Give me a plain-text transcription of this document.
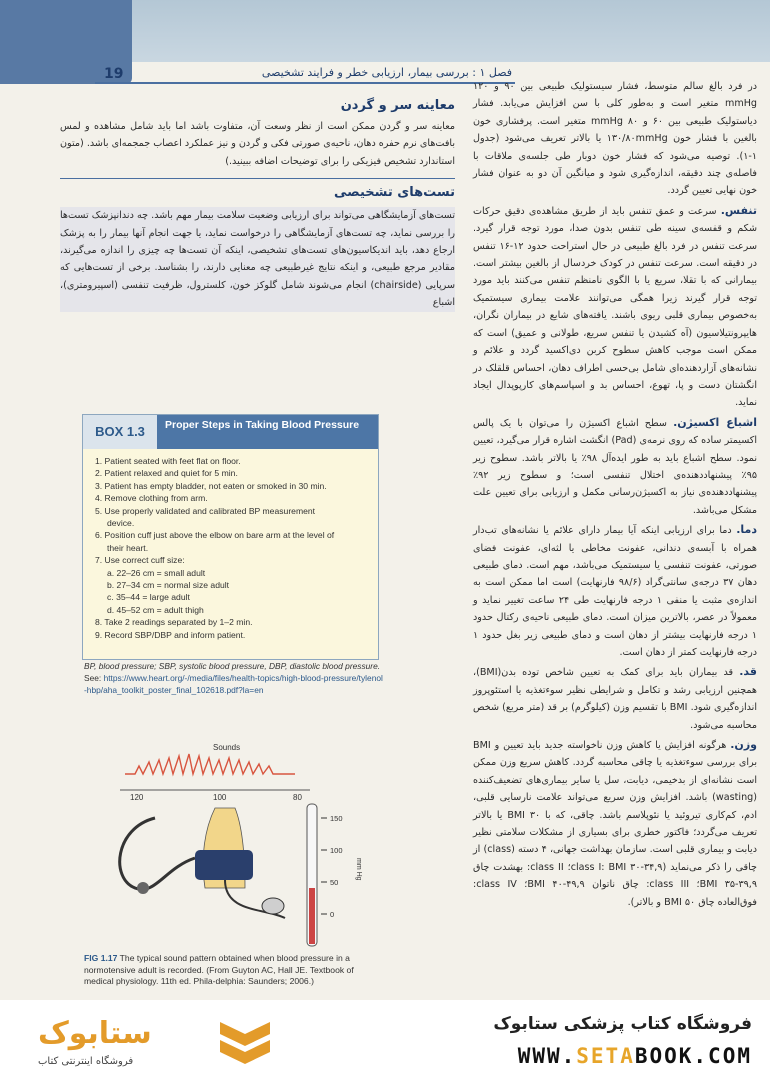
19	فصل ۱ : بررسی بیمار، ارزیابی خطر و فرایند تشخیصی
معاینه سر و گردن

معاینه سر و گردن ممکن است از نظر وسعت آن، متفاوت باشد اما باید شامل مشاهده و لمس بافت‌های نرم حفره دهان، ناحیه‌ی صورتی فکی و گردن و نیز عملکرد اعصاب جمجمه‌ای باشد. (متون استاندارد تشخیص فیزیکی را برای توضیحات اضافه ببینید.)

تست‌های تشخیصی

تست‌های آزمایشگاهی می‌تواند برای ارزیابی وضعیت سلامت بیمار مهم باشد. چه دندانپزشک تست‌ها را بررسی نماید، چه تست‌های آزمایشگاهی را درخواست نماید، یا جهت انجام آنها بیمار را به پزشک ارجاع دهد، باید اندیکاسیون‌های تست‌های تشخیصی، اینکه آن تست‌ها چه چیزی را اندازه می‌گیرند، مقادیر مرجع طبیعی، و اینکه نتایج غیرطبیعی چه معنایی دارند، را بشناسد. برخی از تست‌هایی که سرپایی (chairside) انجام می‌شوند شامل گلوکز خون، کلسترول، ظرفیت تنفسی (اسپیرومتری)، اشباع

BOX 1.3	Proper Steps in Taking Blood Pressure
1. Patient seated with feet flat on floor.
2. Patient relaxed and quiet for 5 min.
3. Patient has empty bladder, not eaten or smoked in 30 min.
4. Remove clothing from arm.
5. Use properly validated and calibrated BP measurement
device.
6. Position cuff just above the elbow on bare arm at the level of
their heart.
7. Use correct cuff size:
a. 22–26 cm = small adult
b. 27–34 cm = normal size adult
c. 35–44 = large adult
d. 45–52 cm = adult thigh
8. Take 2 readings separated by 1–2 min.
9. Record SBP/DBP and inform patient.
BP, blood pressure; SBP, systolic blood pressure, DBP, diastolic blood pressure.
See: https://www.heart.org/-/media/files/health-topics/high-blood-pressure/tylenol-hbp/aha_toolkit_poster_final_102618.pdf?la=en
Sounds
120	100	80
150
100
50
0
mm Hg
FIG 1.17 The typical sound pattern obtained when blood pressure in a normotensive adult is recorded. (From Guyton AC, Hall JE. Textbook of medical physiology. 11th ed. Phila-delphia: Saunders; 2006.)

در فرد بالغ سالم متوسط، فشار سیستولیک طبیعی بین ۹۰ و ۱۲۰ mmHg متغیر است و به‌طور کلی با سن افزایش می‌یابد. فشار دیاستولیک طبیعی بین ۶۰ و ۸۰ mmHg متغیر است. پرفشاری خون بالغین با فشار خون ۱۳۰/۸۰mmHg یا بالاتر تعریف می‌شود (جدول ۱-۱). توصیه می‌شود که فشار خون دوبار طی جلسه‌ی ملاقات با فاصله‌ی چند دقیقه، اندازه‌گیری شود و میانگین آن دو به عنوان فشار خون نهایی تعیین گردد.

تنفس. سرعت و عمق تنفس باید از طریق مشاهده‌ی دقیق حرکات شکم و قفسه‌ی سینه طی تنفس بدون صدا، مورد توجه قرار گیرد. سرعت تنفس در فرد بالغ طبیعی در حال استراحت حدود ۱۲-۱۶ تنفس در دقیقه است. سرعت تنفس در کودک خردسال از بالغین بیشتر است. بیمارانی که با تقلا، سریع یا با الگوی نامنظم تنفس می‌کنند باید مورد توجه قرار گیرند زیرا همگی می‌توانند علامت بیماری سیستمیک به‌خصوص بیماری قلبی ریوی باشند. یافته‌های شایع در بیماران نگران، هایپرونتیلاسیون (آه کشیدن یا تنفس سریع، طولانی و عمیق) است که ممکن است موجب کاهش سطوح کربن دی‌اکسید گردد و علائم و نشانه‌های آزاردهنده‌ای شامل بی‌حسی اطراف دهان، احساس قلقلک در انگشتان دست و پا، تهوع، احساس بد و اسپاسم‌های کارپوپدال ایجاد نماید.

اشباع اکسیژن. سطح اشباع اکسیژن را می‌توان با یک پالس اکسیمتر ساده که روی نرمه‌ی (Pad) انگشت اشاره قرار می‌گیرد، تعیین نمود. سطح اشباع باید به طور ایده‌آل ۹۸٪ یا بالاتر باشد. سطوح زیر ۹۵٪ پیشنهاددهنده‌ی اختلال تنفسی است؛ و سطوح زیر ۹۲٪ پیشنهاددهنده‌ی نیاز به اکسیژن‌رسانی مکمل و ارزیابی برای تعیین علت مشکل می‌باشد.

دما. دما برای ارزیابی اینکه آیا بیمار دارای علائم یا نشانه‌های تب‌دار همراه با آبسه‌ی دندانی، عفونت مخاطی یا لثه‌ای، عفونت فضای صورتی، عفونت تنفسی یا سیستمیک می‌باشد، مهم است. دمای طبیعی دهان ۳۷ درجه‌ی سانتی‌گراد (۹۸/۶ فارنهایت) است اما ممکن است به اندازه‌ی مثبت یا منفی ۱ درجه فارنهایت طی ۲۴ ساعت تغییر نماید و معمولاً در عصر، بالاترین میزان است. دمای طبیعی ناحیه‌ی رکتال حدود ۱ درجه فارنهایت بیشتر از دهان است و دمای طبیعی زیر بغل حدود ۱ درجه فارنهایت کمتر از دهان است.

قد. قد بیماران باید برای کمک به تعیین شاخص توده بدن(BMI)، همچنین ارزیابی رشد و تکامل و شرایطی نظیر سوء‌تغذیه یا استئوپروز اندازه‌گیری شود. BMI با تقسیم وزن (کیلوگرم) بر قد (متر مربع) شخص محاسبه می‌شود.

وزن. هرگونه افزایش یا کاهش وزن ناخواسته جدید باید تعیین و BMI برای بررسی سوء‌تغذیه یا چاقی محاسبه گردد. کاهش سریع وزن ممکن است نشانه‌ای از بدخیمی، دیابت، سل یا سایر بیماری‌های تضعیف‌کننده (wasting) باشد. افزایش وزن سریع می‌تواند علامت نارسایی قلبی، ادم، کم‌کاری تیروئید یا نئوپلاسم باشد. چاقی، که با BMI ۳۰ یا بالاتر تعریف می‌گردد؛ فاکتور خطری برای بسیاری از مشکلات سلامتی نظیر دیابت و بیماری قلبی است. سازمان بهداشت جهانی، ۴ دسته (class) از چاقی را ذکر می‌نماید (class I: BMI ۳۰-۳۴,۹؛ class II: بهشدت چاق BMI ۳۵-۳۹,۹؛ class III: چاق ناتوان BMI ۴۰-۴۹,۹؛ class IV: فوق‌العاده چاق BMI ۵۰ و بالاتر).

ستابوک
فروشگاه اینترنتی کتاب
فروشگاه کتاب پزشکی ستابوک
WWW.SETABOOK.COM
